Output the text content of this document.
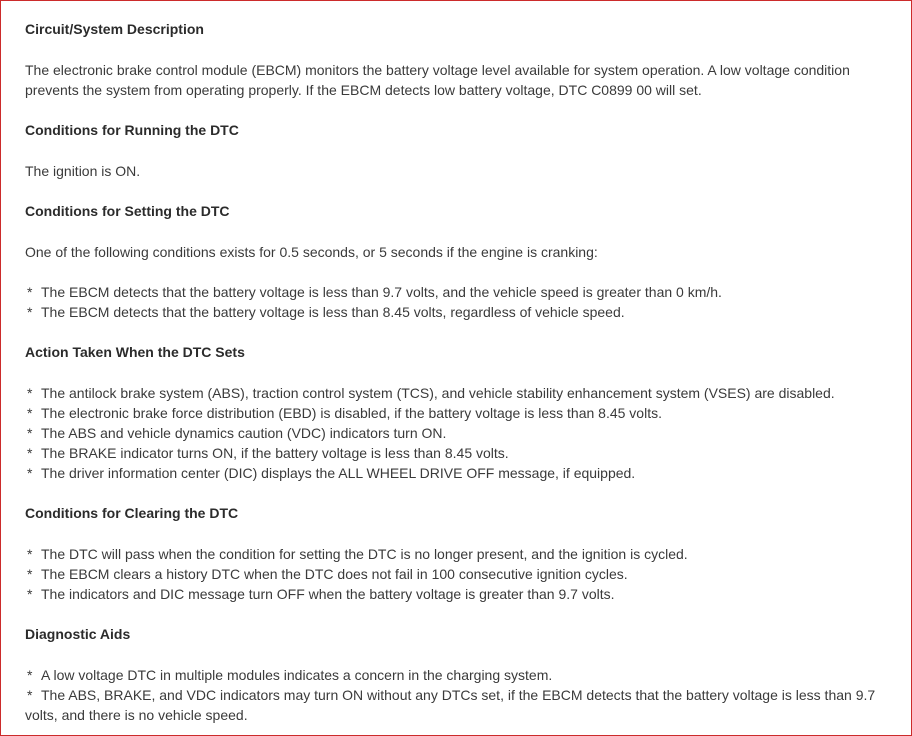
Circuit/System Description
The electronic brake control module (EBCM) monitors the battery voltage level available for system operation. A low voltage condition
prevents the system from operating properly. If the EBCM detects low battery voltage, DTC C0899 00 will set.
Conditions for Running the DTC
The ignition is ON.
Conditions for Setting the DTC
One of the following conditions exists for 0.5 seconds, or 5 seconds if the engine is cranking:
* The EBCM detects that the battery voltage is less than 9.7 volts, and the vehicle speed is greater than 0 km/h.
* The EBCM detects that the battery voltage is less than 8.45 volts, regardless of vehicle speed.
Action Taken When the DTC Sets
* The antilock brake system (ABS), traction control system (TCS), and vehicle stability enhancement system (VSES) are disabled.
* The electronic brake force distribution (EBD) is disabled, if the battery voltage is less than 8.45 volts.
* The ABS and vehicle dynamics caution (VDC) indicators turn ON.
* The BRAKE indicator turns ON, if the battery voltage is less than 8.45 volts.
* The driver information center (DIC) displays the ALL WHEEL DRIVE OFF message, if equipped.
Conditions for Clearing the DTC
* The DTC will pass when the condition for setting the DTC is no longer present, and the ignition is cycled.
* The EBCM clears a history DTC when the DTC does not fail in 100 consecutive ignition cycles.
* The indicators and DIC message turn OFF when the battery voltage is greater than 9.7 volts.
Diagnostic Aids
* A low voltage DTC in multiple modules indicates a concern in the charging system.
* The ABS, BRAKE, and VDC indicators may turn ON without any DTCs set, if the EBCM detects that the battery voltage is less than 9.7
volts, and there is no vehicle speed.
